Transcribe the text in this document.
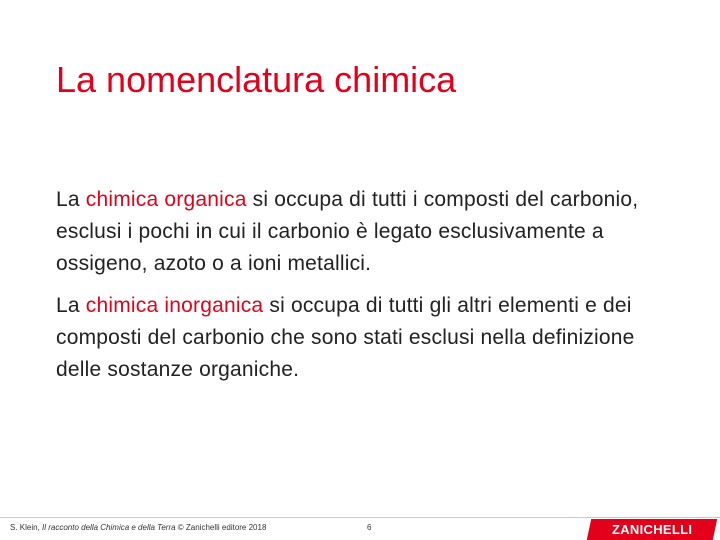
La nomenclatura chimica

La chimica organica si occupa di tutti i composti del carbonio, esclusi i pochi in cui il carbonio è legato esclusivamente a ossigeno, azoto o a ioni metallici.

La chimica inorganica si occupa di tutti gli altri elementi e dei composti del carbonio che sono stati esclusi nella definizione delle sostanze organiche.

S. Klein, Il racconto della Chimica e della Terra © Zanichelli editore 2018	6	ZANICHELLI
